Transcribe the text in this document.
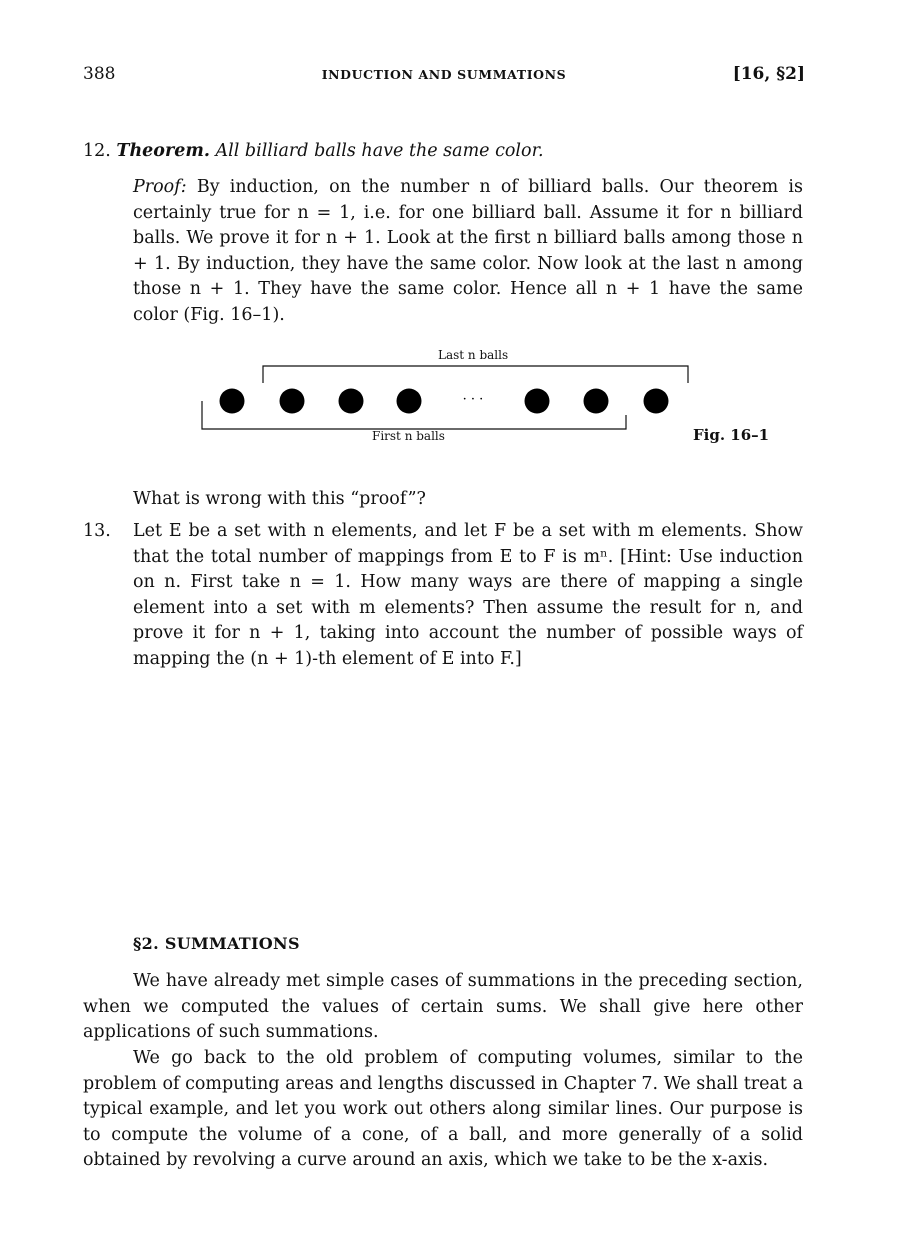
388	INDUCTION AND SUMMATIONS	[16, §2]
12. Theorem. All billiard balls have the same color.
Proof: By induction, on the number n of billiard balls. Our theorem is certainly true for n = 1, i.e. for one billiard ball. Assume it for n billiard balls. We prove it for n + 1. Look at the first n billiard balls among those n + 1. By induction, they have the same color. Now look at the last n among those n + 1. They have the same color. Hence all n + 1 have the same color (Fig. 16–1).
· · ·
Last n balls
First n balls	Fig. 16–1
What is wrong with this “proof”?
13. Let E be a set with n elements, and let F be a set with m elements. Show that the total number of mappings from E to F is mⁿ. [Hint: Use induction on n. First take n = 1. How many ways are there of mapping a single element into a set with m elements? Then assume the result for n, and prove it for n + 1, taking into account the number of possible ways of mapping the (n + 1)-th element of E into F.]
§2. SUMMATIONS
We have already met simple cases of summations in the preceding section, when we computed the values of certain sums. We shall give here other applications of such summations.
We go back to the old problem of computing volumes, similar to the problem of computing areas and lengths discussed in Chapter 7. We shall treat a typical example, and let you work out others along similar lines. Our purpose is to compute the volume of a cone, of a ball, and more generally of a solid obtained by revolving a curve around an axis, which we take to be the x-axis.
